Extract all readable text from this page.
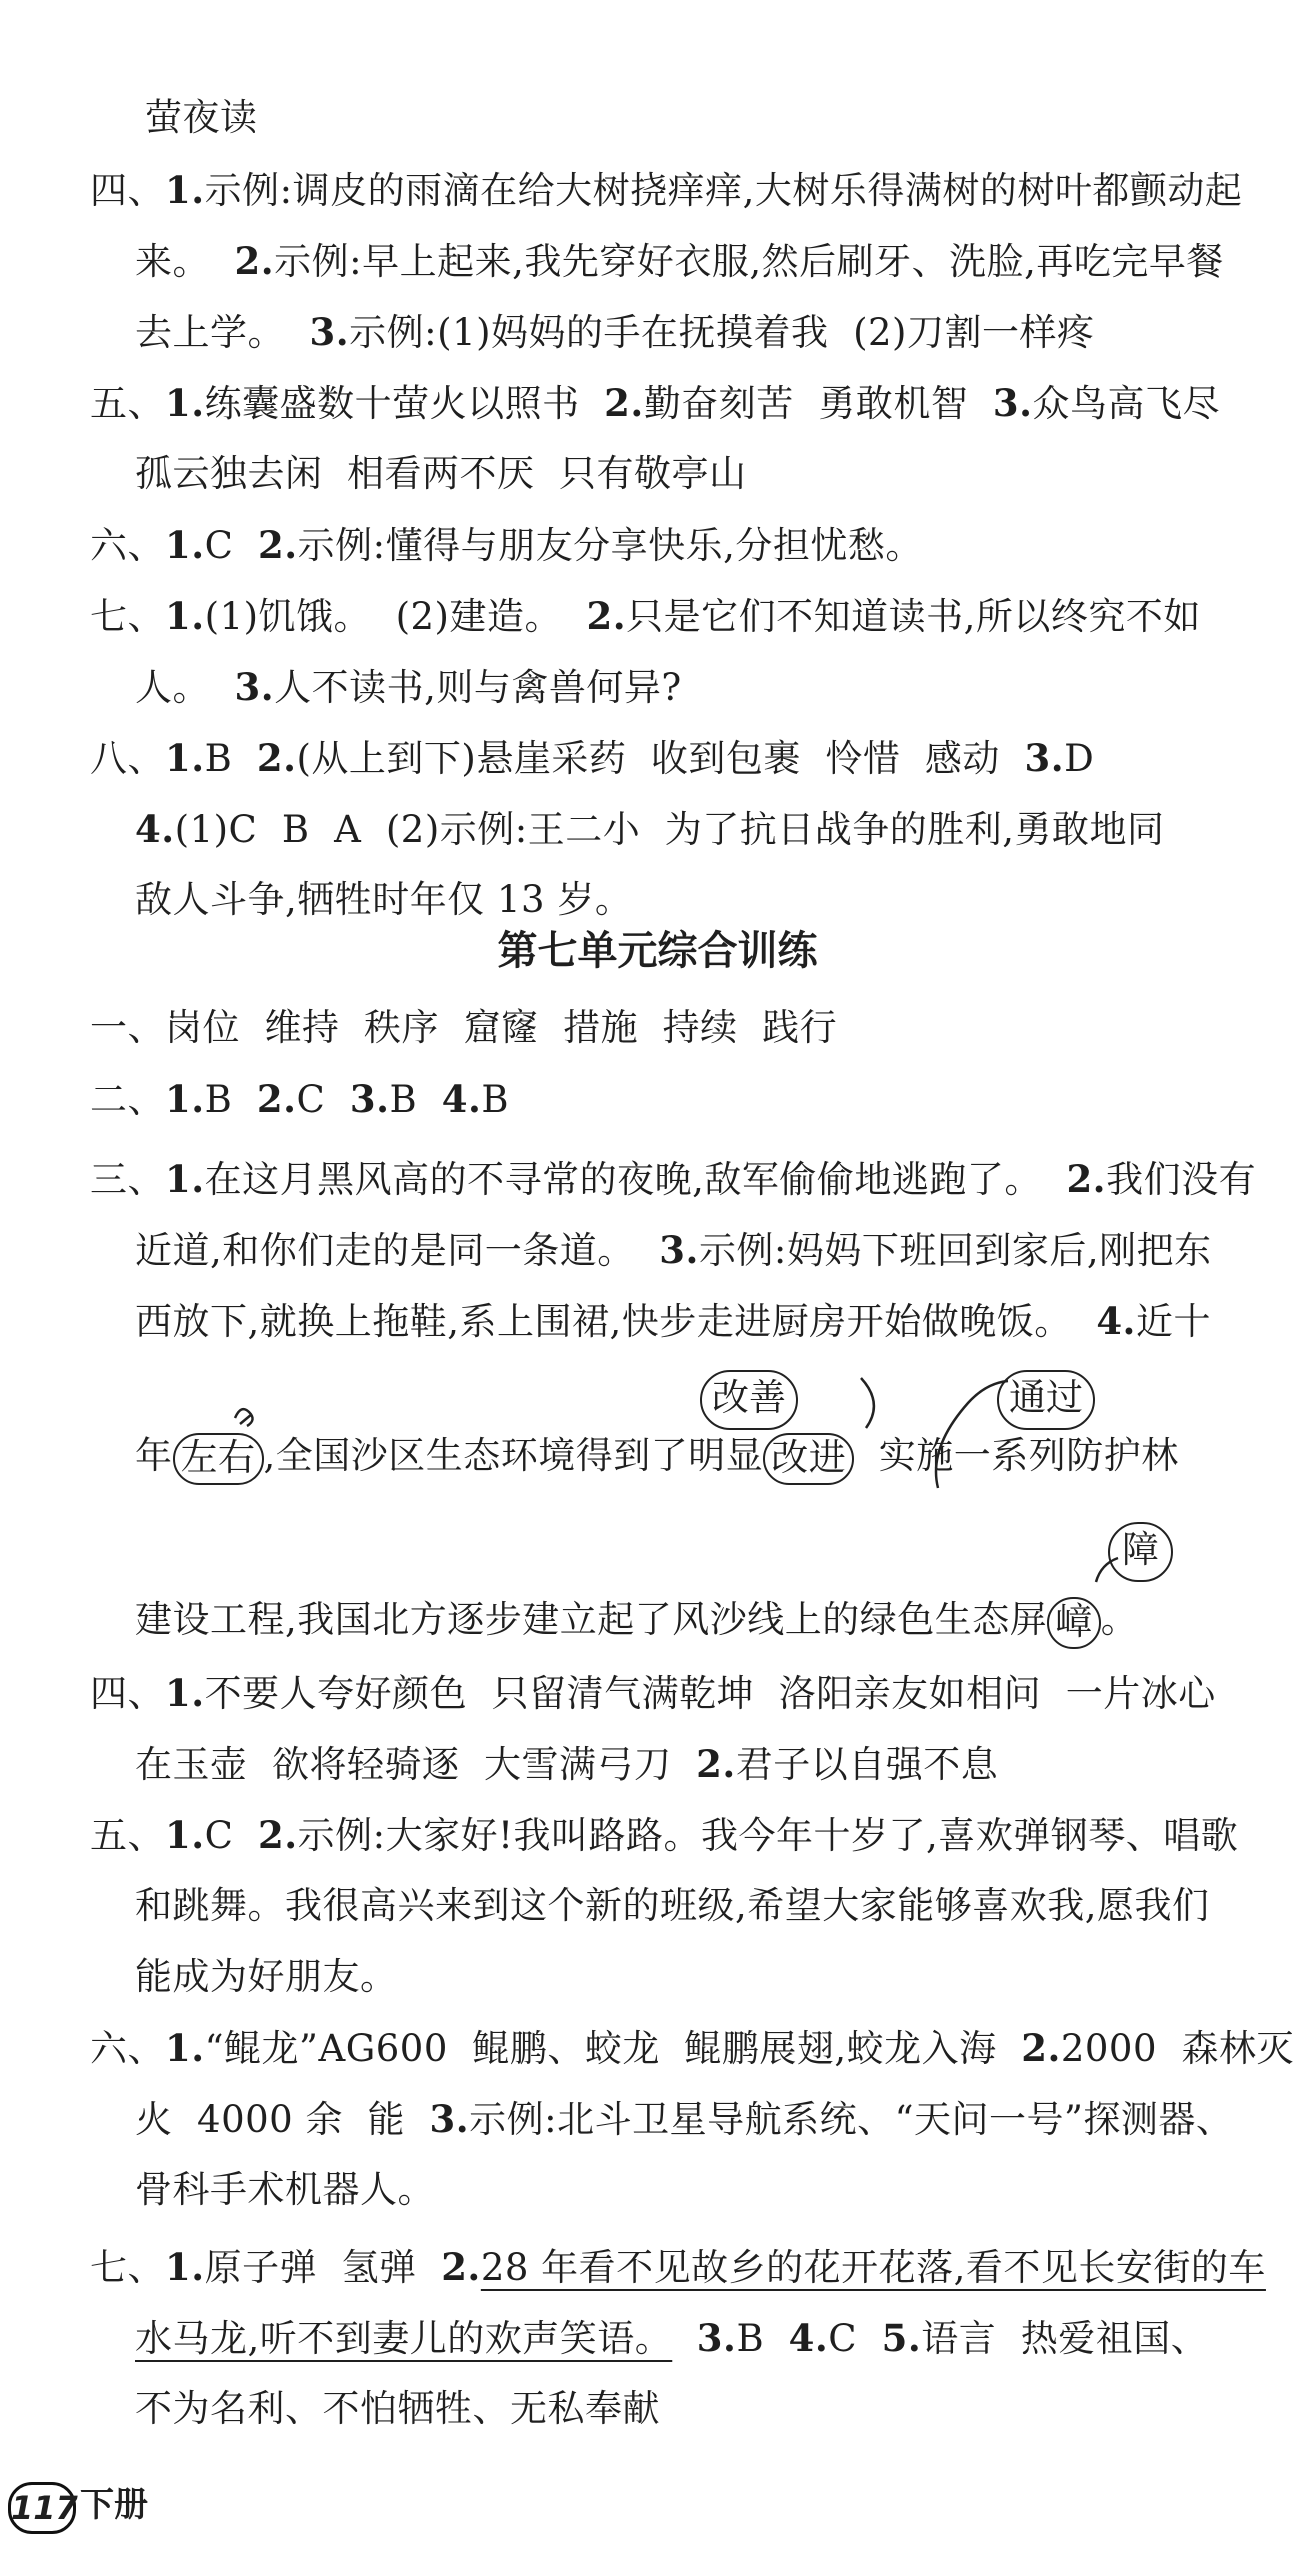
萤夜读
四、1.示例:调皮的雨滴在给大树挠痒痒,大树乐得满树的树叶都颤动起
来。  2.示例:早上起来,我先穿好衣服,然后刷牙、洗脸,再吃完早餐
去上学。  3.示例:(1)妈妈的手在抚摸着我  (2)刀割一样疼
五、1.练囊盛数十萤火以照书  2.勤奋刻苦  勇敢机智  3.众鸟高飞尽
孤云独去闲  相看两不厌  只有敬亭山
六、1.C  2.示例:懂得与朋友分享快乐,分担忧愁。
七、1.(1)饥饿。  (2)建造。  2.只是它们不知道读书,所以终究不如
人。  3.人不读书,则与禽兽何异?
八、1.B  2.(从上到下)悬崖采药  收到包裹  怜惜  感动  3.D
4.(1)C  B  A  (2)示例:王二小  为了抗日战争的胜利,勇敢地同
敌人斗争,牺牲时年仅 13 岁。
第七单元综合训练
一、岗位  维持  秩序  窟窿  措施  持续  践行
二、1.B  2.C  3.B  4.B
三、1.在这月黑风高的不寻常的夜晚,敌军偷偷地逃跑了。  2.我们没有
近道,和你们走的是同一条道。  3.示例:妈妈下班回到家后,刚把东
西放下,就换上拖鞋,系上围裙,快步走进厨房开始做晚饭。  4.近十
年 左右 ,全国沙区生态环境得到了明显 改进  实施一系列防护林
改善	通过
建设工程,我国北方逐步建立起了风沙线上的绿色生态屏 嶂 。
障
四、1.不要人夸好颜色  只留清气满乾坤  洛阳亲友如相问  一片冰心
在玉壶  欲将轻骑逐  大雪满弓刀  2.君子以自强不息
五、1.C  2.示例:大家好!我叫路路。我今年十岁了,喜欢弹钢琴、唱歌
和跳舞。我很高兴来到这个新的班级,希望大家能够喜欢我,愿我们
能成为好朋友。
六、1.“鲲龙”AG600  鲲鹏、蛟龙  鲲鹏展翅,蛟龙入海  2.2000  森林灭
火  4000 余  能  3.示例:北斗卫星导航系统、“天问一号”探测器、
骨科手术机器人。
七、1.原子弹  氢弹  2.28 年看不见故乡的花开花落,看不见长安街的车
水马龙,听不到妻儿的欢声笑语。 3.B  4.C  5.语言  热爱祖国、
不为名利、不怕牺牲、无私奉献
117 下册
